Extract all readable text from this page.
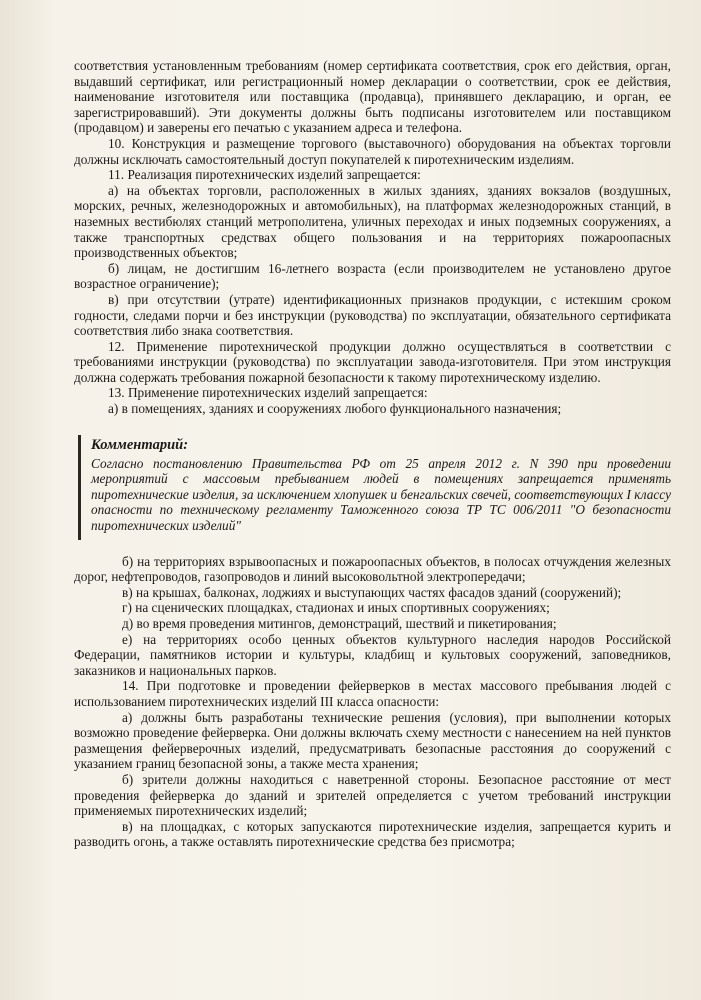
соответствия установленным требованиям (номер сертификата соответствия, срок его действия, орган, выдавший сертификат, или регистрационный номер декларации о соответствии, срок ее действия, наименование изготовителя или поставщика (продавца), принявшего декларацию, и орган, ее зарегистрировавший). Эти документы должны быть подписаны изготовителем или поставщиком (продавцом) и заверены его печатью с указанием адреса и телефона.

10. Конструкция и размещение торгового (выставочного) оборудования на объектах торговли должны исключать самостоятельный доступ покупателей к пиротехническим изделиям.

11. Реализация пиротехнических изделий запрещается:

а) на объектах торговли, расположенных в жилых зданиях, зданиях вокзалов (воздушных, морских, речных, железнодорожных и автомобильных), на платформах железнодорожных станций, в наземных вестибюлях станций метрополитена, уличных переходах и иных подземных сооружениях, а также транспортных средствах общего пользования и на территориях пожароопасных производственных объектов;

б) лицам, не достигшим 16-летнего возраста (если производителем не установлено другое возрастное ограничение);

в) при отсутствии (утрате) идентификационных признаков продукции, с истекшим сроком годности, следами порчи и без инструкции (руководства) по эксплуатации, обязательного сертификата соответствия либо знака соответствия.

12. Применение пиротехнической продукции должно осуществляться в соответствии с требованиями инструкции (руководства) по эксплуатации завода-изготовителя. При этом инструкция должна содержать требования пожарной безопасности к такому пиротехническому изделию.

13. Применение пиротехнических изделий запрещается:

а) в помещениях, зданиях и сооружениях любого функционального назначения;

Комментарий:

Согласно постановлению Правительства РФ от 25 апреля 2012 г. N 390 при проведении мероприятий с массовым пребыванием людей в помещениях запрещается применять пиротехнические изделия, за исключением хлопушек и бенгальских свечей, соответствующих I классу опасности по техническому регламенту Таможенного союза ТР ТС 006/2011 "О безопасности пиротехнических изделий"

б) на территориях взрывоопасных и пожароопасных объектов, в полосах отчуждения железных дорог, нефтепроводов, газопроводов и линий высоковольтной электропередачи;

в) на крышах, балконах, лоджиях и выступающих частях фасадов зданий (сооружений);

г) на сценических площадках, стадионах и иных спортивных сооружениях;

д) во время проведения митингов, демонстраций, шествий и пикетирования;

е) на территориях особо ценных объектов культурного наследия народов Российской Федерации, памятников истории и культуры, кладбищ и культовых сооружений, заповедников, заказников и национальных парков.

14. При подготовке и проведении фейерверков в местах массового пребывания людей с использованием пиротехнических изделий III класса опасности:

а) должны быть разработаны технические решения (условия), при выполнении которых возможно проведение фейерверка. Они должны включать схему местности с нанесением на ней пунктов размещения фейерверочных изделий, предусматривать безопасные расстояния до сооружений с указанием границ безопасной зоны, а также места хранения;

б) зрители должны находиться с наветренной стороны. Безопасное расстояние от мест проведения фейерверка до зданий и зрителей определяется с учетом требований инструкции применяемых пиротехнических изделий;

в) на площадках, с которых запускаются пиротехнические изделия, запрещается курить и разводить огонь, а также оставлять пиротехнические средства без присмотра;
